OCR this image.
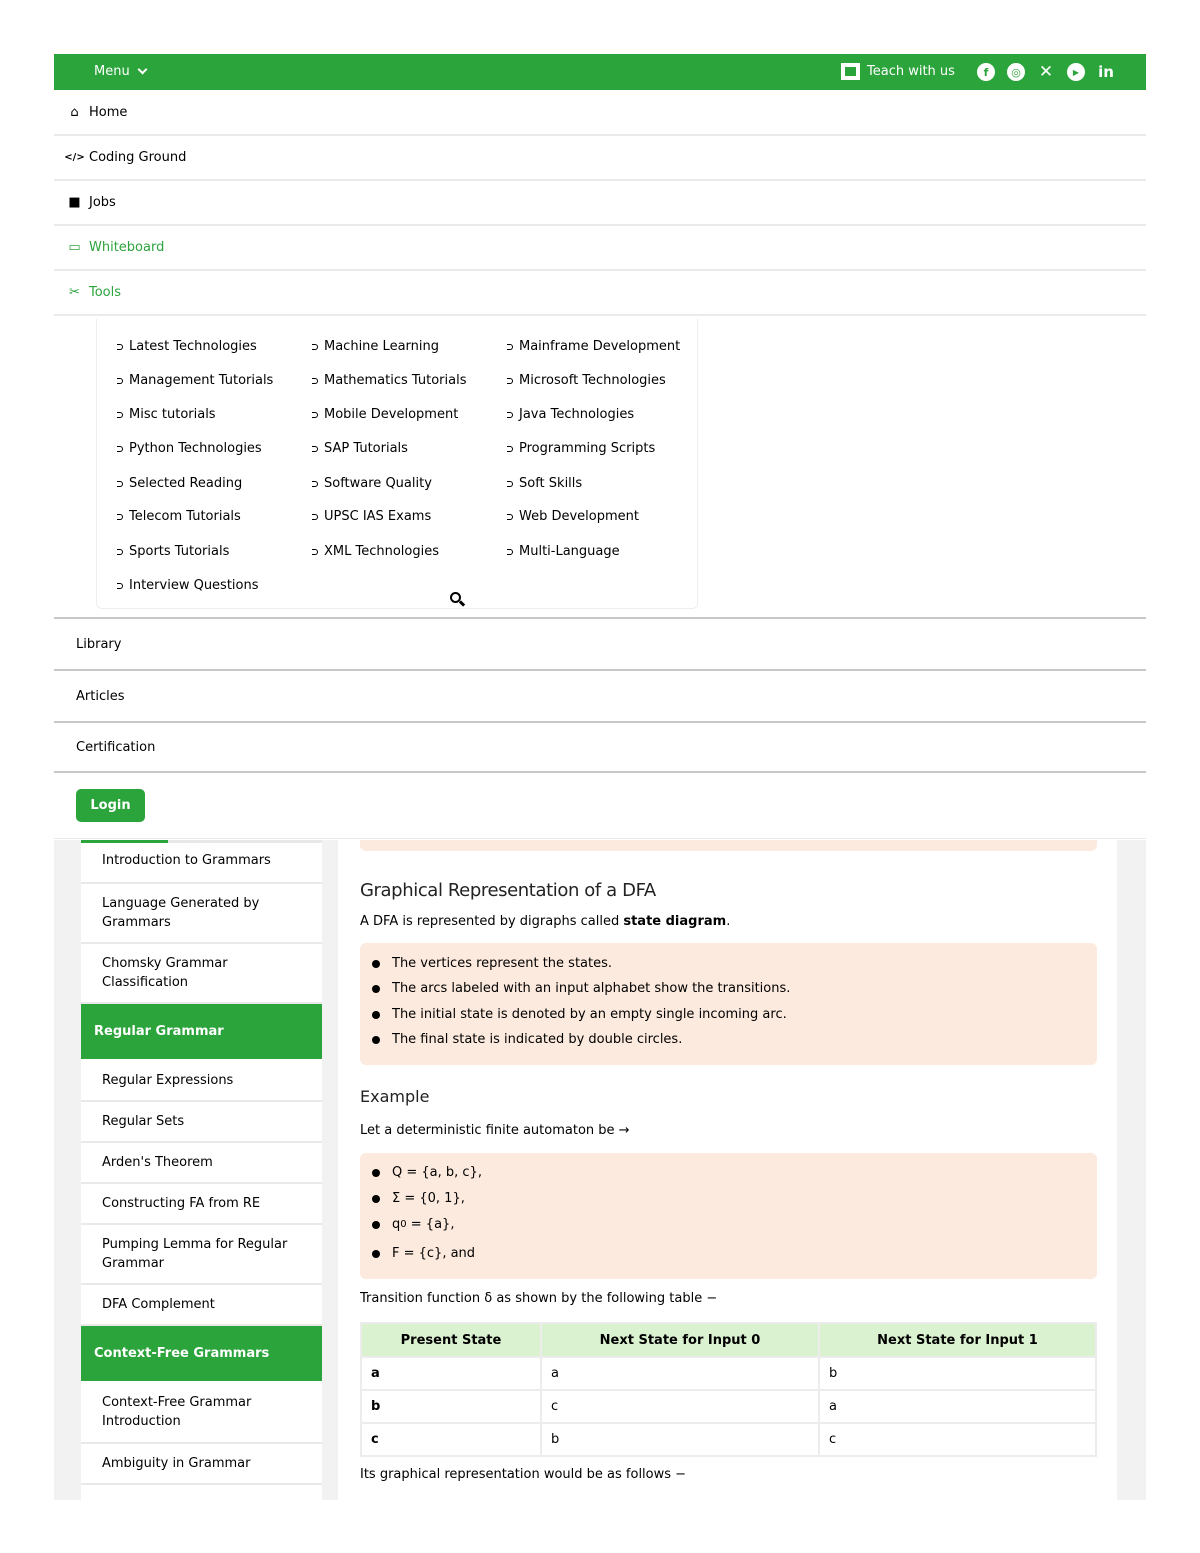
Menu	Teach with us	f ◎ ✕ ▶ in
⌂ Home
</> Coding Ground
■ Jobs
▭ Whiteboard
✂ Tools
Latest Technologies	Machine Learning	Mainframe Development
Management Tutorials	Mathematics Tutorials	Microsoft Technologies
Misc tutorials	Mobile Development	Java Technologies
Python Technologies	SAP Tutorials	Programming Scripts
Selected Reading	Software Quality	Soft Skills
Telecom Tutorials	UPSC IAS Exams	Web Development
Sports Tutorials	XML Technologies	Multi-Language
Interview Questions
Library
Articles
Certification
Login
Introduction to Grammars
Language Generated by Grammars
Chomsky Grammar Classification
Regular Grammar
Regular Expressions
Regular Sets
Arden's Theorem
Constructing FA from RE
Pumping Lemma for Regular Grammar
DFA Complement
Context-Free Grammars
Context-Free Grammar Introduction
Ambiguity in Grammar
Graphical Representation of a DFA
A DFA is represented by digraphs called state diagram.
The vertices represent the states.
The arcs labeled with an input alphabet show the transitions.
The initial state is denoted by an empty single incoming arc.
The final state is indicated by double circles.
Example
Let a deterministic finite automaton be →
Q = {a, b, c},
Σ = {0, 1},
q 0
= {a},
F = {c}, and
Transition function δ as shown by the following table −
Present State	Next State for Input 0	Next State for Input 1
a	a	b
b	c	a
c	b	c
Its graphical representation would be as follows −
